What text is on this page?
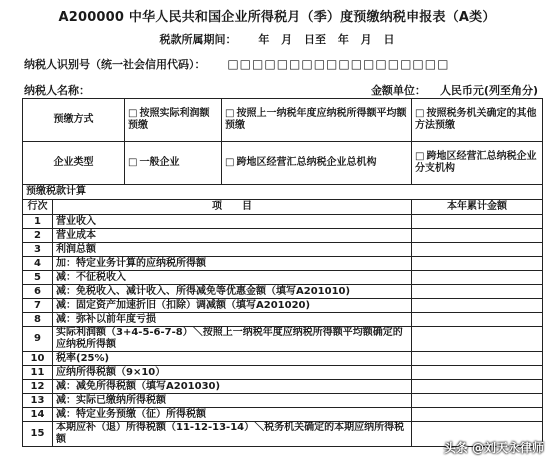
A200000 中华人民共和国企业所得税月（季）度预缴纳税申报表（A类）
税款所属期间： 年 月 日至 年 月 日
纳税人识别号（统一社会信用代码）： □□□□□□□□□□□□□□□□□□
纳税人名称：	金额单位： 人民币元(列至角分)
预缴方式		□ 按照实际利润额预缴	□ 按照上一纳税年度应纳税所得额平均额预缴	□ 按照税务机关确定的其他方法预缴
企业类型		□ 一般企业	□ 跨地区经营汇总纳税企业总机构	□ 跨地区经营汇总纳税企业分支机构
预缴税款计算				
行次	项　　目			本年累计金额
1	营业收入			
2	营业成本			
3	利润总额			
4	加：特定业务计算的应纳税所得额			
5	减：不征税收入			
6	减：免税收入、减计收入、所得减免等优惠金额（填写A201010)			
7	减：固定资产加速折旧（扣除）调减额（填写A201020)			
8	减：弥补以前年度亏损			
9	实际利润额（3+4-5-6-7-8）＼按照上一纳税年度应纳税所得额平均额确定的应纳税所得额			
10	税率(25%)			
11	应纳所得税额（9×10）			
12	减：减免所得税额（填写A201030)			
13	减：实际已缴纳所得税额			
14	减：特定业务预缴（征）所得税额			
15	本期应补（退）所得税额（11-12-13-14）＼税务机关确定的本期应纳所得税额			
头条 @刘天永律师
